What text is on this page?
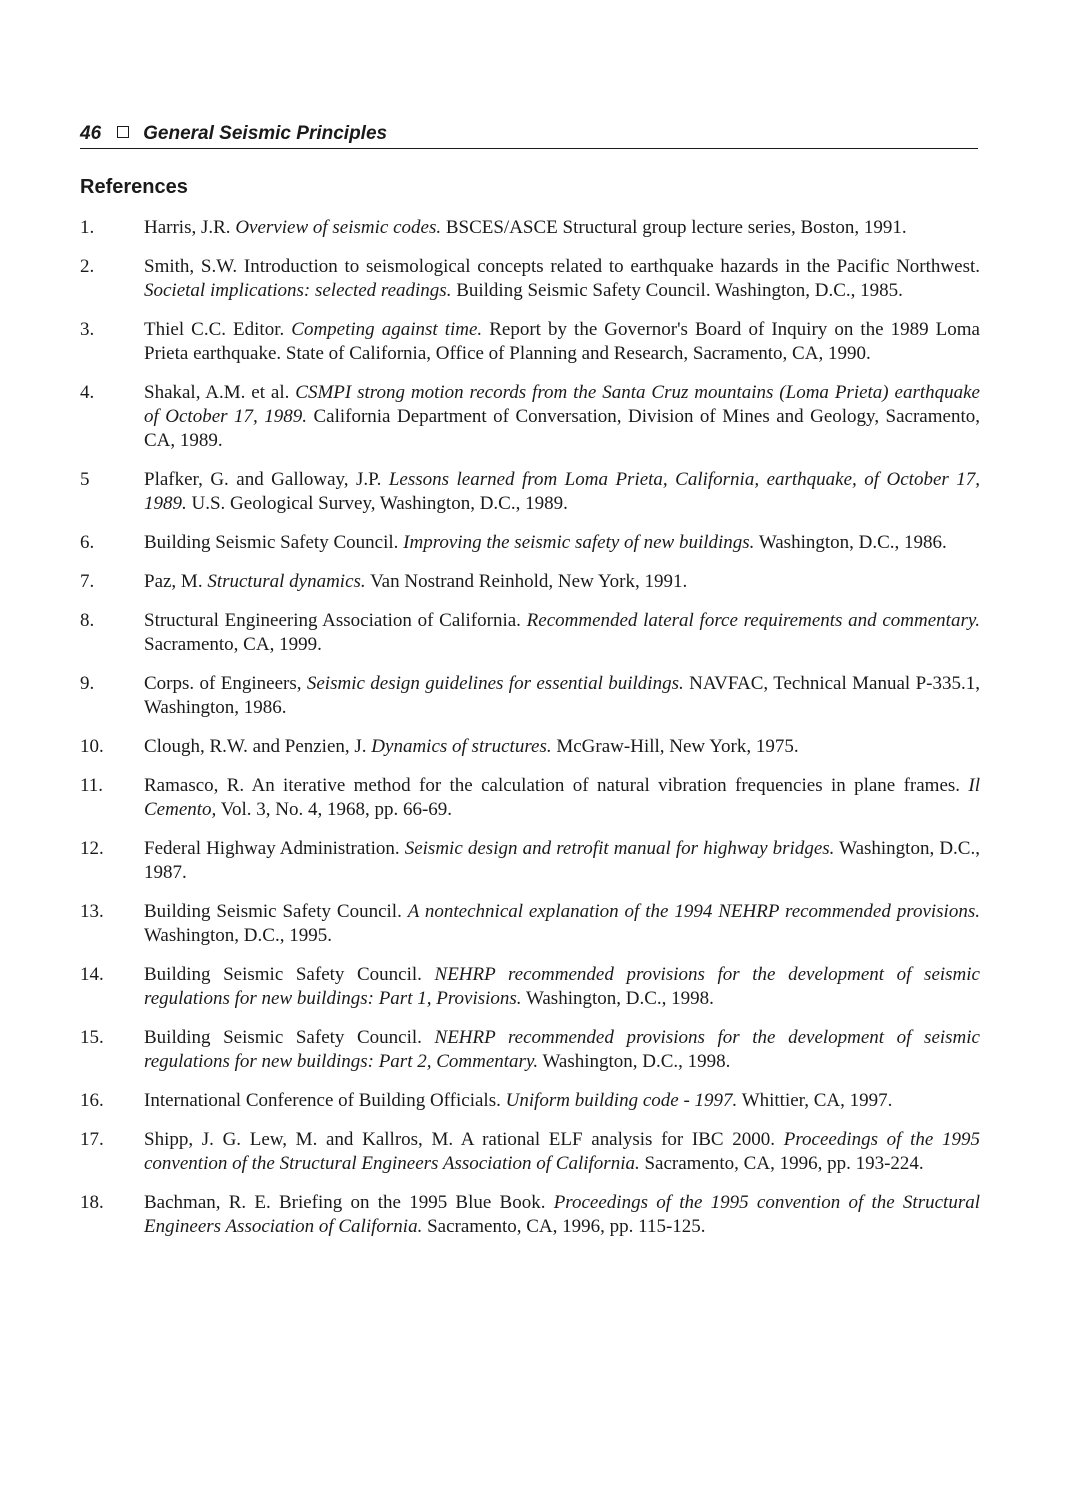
46 General Seismic Principles
References
1.	Harris, J.R. Overview of seismic codes. BSCES/ASCE Structural group lecture series, Boston, 1991.
2.	Smith, S.W. Introduction to seismological concepts related to earthquake hazards in the Pacific Northwest. Societal implications: selected readings. Building Seismic Safety Council. Washington, D.C., 1985.
3.	Thiel C.C. Editor. Competing against time. Report by the Governor's Board of Inquiry on the 1989 Loma Prieta earthquake. State of California, Office of Planning and Research, Sacramento, CA, 1990.
4.	Shakal, A.M. et al. CSMPI strong motion records from the Santa Cruz mountains (Loma Prieta) earthquake of October 17, 1989. California Department of Conversation, Division of Mines and Geology, Sacramento, CA, 1989.
5	Plafker, G. and Galloway, J.P. Lessons learned from Loma Prieta, California, earthquake, of October 17, 1989. U.S. Geological Survey, Washington, D.C., 1989.
6.	Building Seismic Safety Council. Improving the seismic safety of new buildings. Washington, D.C., 1986.
7.	Paz, M. Structural dynamics. Van Nostrand Reinhold, New York, 1991.
8.	Structural Engineering Association of California. Recommended lateral force requirements and commentary. Sacramento, CA, 1999.
9.	Corps. of Engineers, Seismic design guidelines for essential buildings. NAVFAC, Technical Manual P-335.1, Washington, 1986.
10. Clough, R.W. and Penzien, J. Dynamics of structures. McGraw-Hill, New York, 1975.
11. Ramasco, R. An iterative method for the calculation of natural vibration frequencies in plane frames. Il Cemento, Vol. 3, No. 4, 1968, pp. 66-69.
12. Federal Highway Administration. Seismic design and retrofit manual for highway bridges. Washington, D.C., 1987.
13. Building Seismic Safety Council. A nontechnical explanation of the 1994 NEHRP recommended provisions. Washington, D.C., 1995.
14. Building Seismic Safety Council. NEHRP recommended provisions for the development of seismic regulations for new buildings: Part 1, Provisions. Washington, D.C., 1998.
15. Building Seismic Safety Council. NEHRP recommended provisions for the development of seismic regulations for new buildings: Part 2, Commentary. Washington, D.C., 1998.
16. International Conference of Building Officials. Uniform building code - 1997. Whittier, CA, 1997.
17. Shipp, J. G. Lew, M. and Kallros, M. A rational ELF analysis for IBC 2000. Proceedings of the 1995 convention of the Structural Engineers Association of California. Sacramento, CA, 1996, pp. 193-224.
18. Bachman, R. E. Briefing on the 1995 Blue Book. Proceedings of the 1995 convention of the Structural Engineers Association of California. Sacramento, CA, 1996, pp. 115-125.
